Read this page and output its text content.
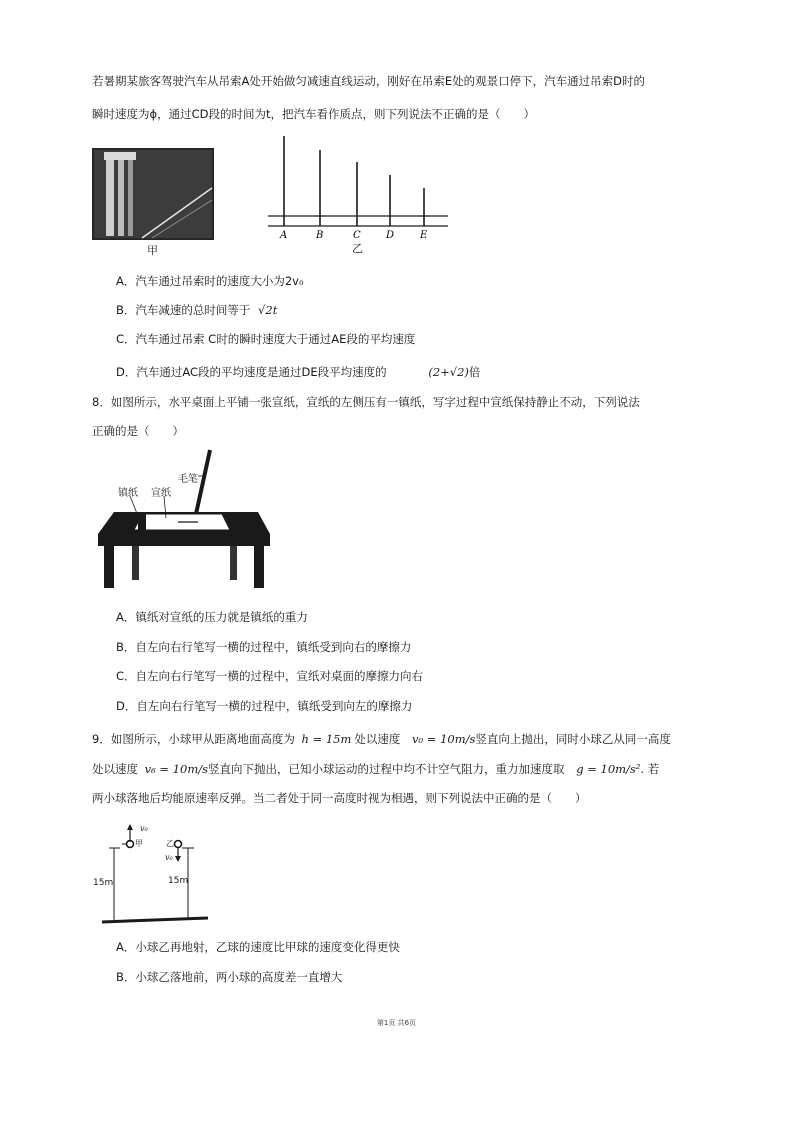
若暑期某旅客驾驶汽车从吊索A处开始做匀减速直线运动，刚好在吊索E处的观景口停下，汽车通过吊索D时的
瞬时速度为ϕ，通过CD段的时间为t，把汽车看作质点，则下列说法不正确的是（　　）
甲
A	B	C	D	E
乙
A．汽车通过吊索时的速度大小为2v₀
B．汽车减速的总时间等于 √2t
C．汽车通过吊索 C时的瞬时速度大于通过AE段的平均速度
D．汽车通过AC段的平均速度是通过DE段平均速度的	(2+√2)倍
8．如图所示，水平桌面上平铺一张宣纸，宣纸的左侧压有一镇纸，写字过程中宣纸保持静止不动，下列说法
正确的是（　　）
镇纸 宣纸
毛笔
A．镇纸对宣纸的压力就是镇纸的重力
B．自左向右行笔写一横的过程中，镇纸受到向右的摩擦力
C．自左向右行笔写一横的过程中，宣纸对桌面的摩擦力向右
D．自左向右行笔写一横的过程中，镇纸受到向左的摩擦力
9．如图所示，小球甲从距离地面高度为 h = 15m 处以速度 v₀ = 10m/s竖直向上抛出，同时小球乙从同一高度
处以速度 v₆ = 10m/s竖直向下抛出，已知小球运动的过程中均不计空气阻力，重力加速度取 g = 10m/s². 若
两小球落地后均能原速率反弹。当二者处于同一高度时视为相遇，则下列说法中正确的是（　　）
v₀
甲	乙
v₀
15m	15m
A．小球乙再地射，乙球的速度比甲球的速度变化得更快
B．小球乙落地前，两小球的高度差一直增大
第1页 共6页
